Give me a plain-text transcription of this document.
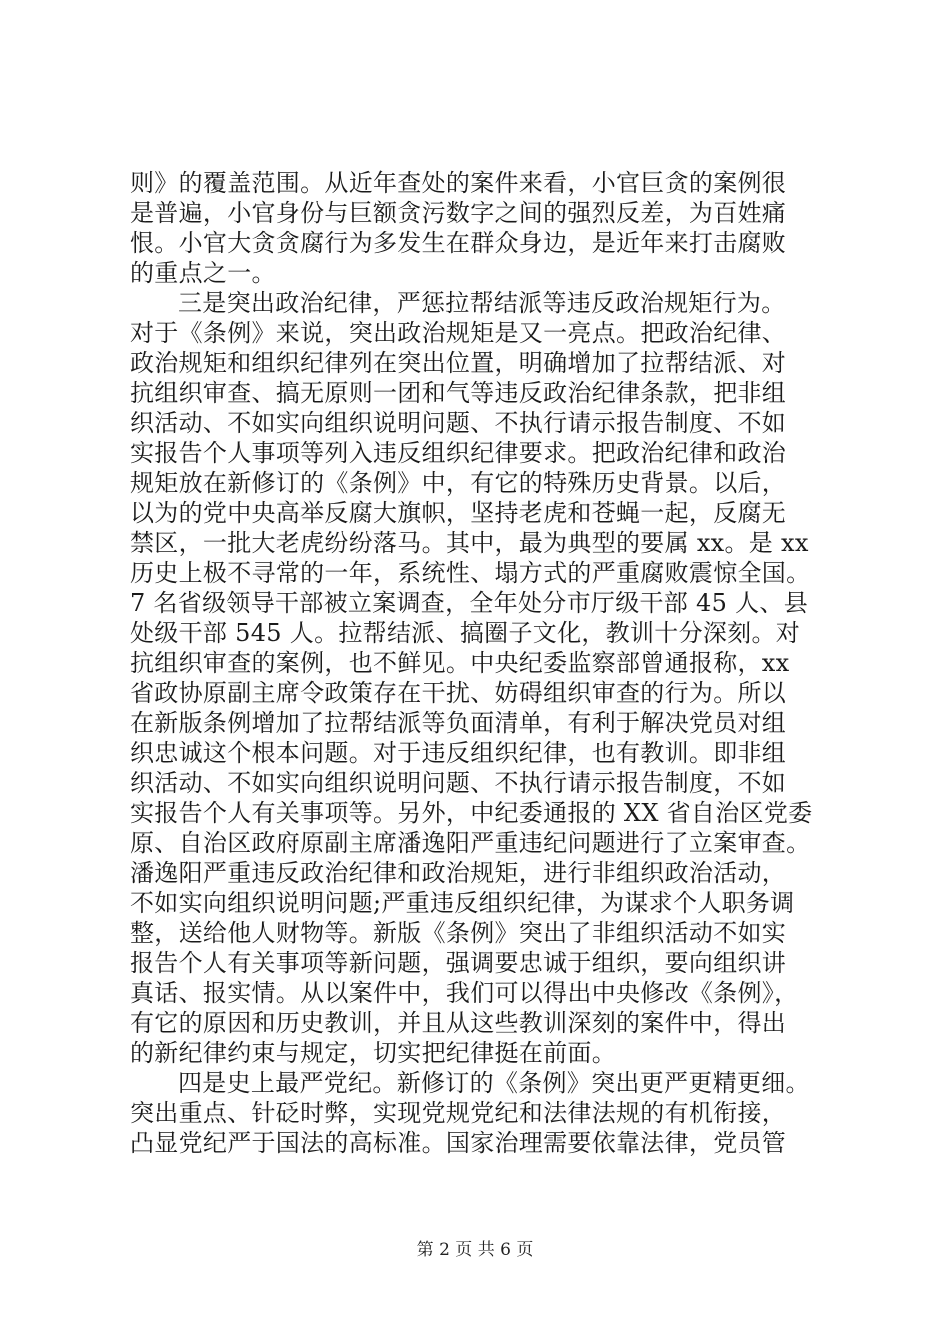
则》的覆盖范围。从近年查处的案件来看，小官巨贪的案例很
是普遍，小官身份与巨额贪污数字之间的强烈反差，为百姓痛
恨。小官大贪贪腐行为多发生在群众身边，是近年来打击腐败
的重点之一。
三是突出政治纪律，严惩拉帮结派等违反政治规矩行为。
对于《条例》来说，突出政治规矩是又一亮点。把政治纪律、
政治规矩和组织纪律列在突出位置，明确增加了拉帮结派、对
抗组织审查、搞无原则一团和气等违反政治纪律条款，把非组
织活动、不如实向组织说明问题、不执行请示报告制度、不如
实报告个人事项等列入违反组织纪律要求。把政治纪律和政治
规矩放在新修订的《条例》中，有它的特殊历史背景。以后，
以为的党中央高举反腐大旗帜，坚持老虎和苍蝇一起，反腐无
禁区，一批大老虎纷纷落马。其中，最为典型的要属 xx。是 xx
历史上极不寻常的一年，系统性、塌方式的严重腐败震惊全国。
7 名省级领导干部被立案调查，全年处分市厅级干部 45 人、县
处级干部 545 人。拉帮结派、搞圈子文化，教训十分深刻。对
抗组织审查的案例，也不鲜见。中央纪委监察部曾通报称，xx
省政协原副主席令政策存在干扰、妨碍组织审查的行为。所以
在新版条例增加了拉帮结派等负面清单，有利于解决党员对组
织忠诚这个根本问题。对于违反组织纪律，也有教训。即非组
织活动、不如实向组织说明问题、不执行请示报告制度，不如
实报告个人有关事项等。另外，中纪委通报的 XX 省自治区党委
原、自治区政府原副主席潘逸阳严重违纪问题进行了立案审查。
潘逸阳严重违反政治纪律和政治规矩，进行非组织政治活动，
不如实向组织说明问题;严重违反组织纪律，为谋求个人职务调
整，送给他人财物等。新版《条例》突出了非组织活动不如实
报告个人有关事项等新问题，强调要忠诚于组织，要向组织讲
真话、报实情。从以案件中，我们可以得出中央修改《条例》，
有它的原因和历史教训，并且从这些教训深刻的案件中，得出
的新纪律约束与规定，切实把纪律挺在前面。
四是史上最严党纪。新修订的《条例》突出更严更精更细。
突出重点、针砭时弊，实现党规党纪和法律法规的有机衔接，
凸显党纪严于国法的高标准。国家治理需要依靠法律，党员管
第 2 页 共 6 页
